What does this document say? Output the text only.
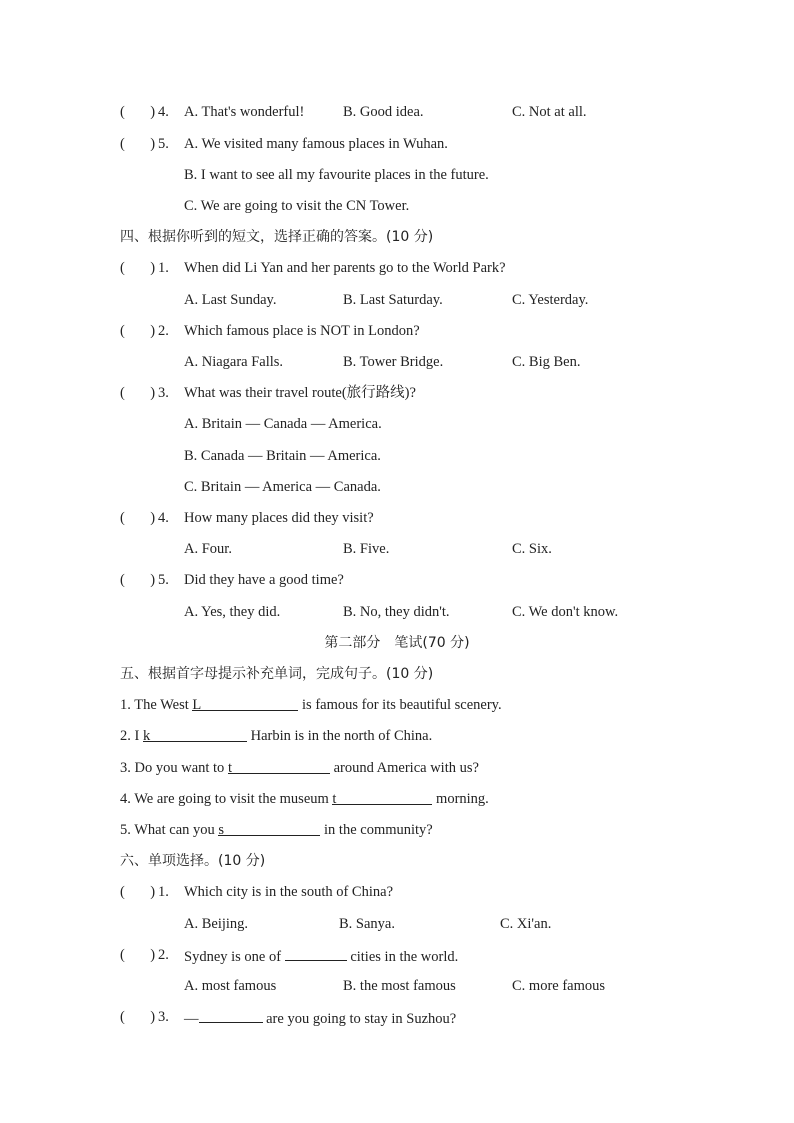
(       ) 4. A. That's wonderful!	B. Good idea.	C. Not at all.
(       ) 5. A. We visited many famous places in Wuhan.
B. I want to see all my favourite places in the future.
C. We are going to visit the CN Tower.
四、根据你听到的短文，选择正确的答案。(10 分)
(       ) 1. When did Li Yan and her parents go to the World Park?
A. Last Sunday.	B. Last Saturday.	C. Yesterday.
(       ) 2. Which famous place is NOT in London?
A. Niagara Falls.	B. Tower Bridge.	C. Big Ben.
(       ) 3. What was their travel route(旅行路线)?
A. Britain — Canada — America.
B. Canada — Britain — America.
C. Britain — America — Canada.
(       ) 4. How many places did they visit?
A. Four.	B. Five.	C. Six.
(       ) 5. Did they have a good time?
A. Yes, they did.	B. No, they didn't.	C. We don't know.
第二部分　笔试(70 分)
五、根据首字母提示补充单词，完成句子。(10 分)
1. The West L	is famous for its beautiful scenery.
2. I k	Harbin is in the north of China.
3. Do you want to t	around America with us?
4. We are going to visit the museum t	morning.
5. What can you s	in the community?
六、单项选择。(10 分)
(       ) 1. Which city is in the south of China?
A. Beijing.	B. Sanya.	C. Xi'an.
(       ) 2. Sydney is one of	cities in the world.
A. most famous	B. the most famous	C. more famous
(       ) 3. —	are you going to stay in Suzhou?
